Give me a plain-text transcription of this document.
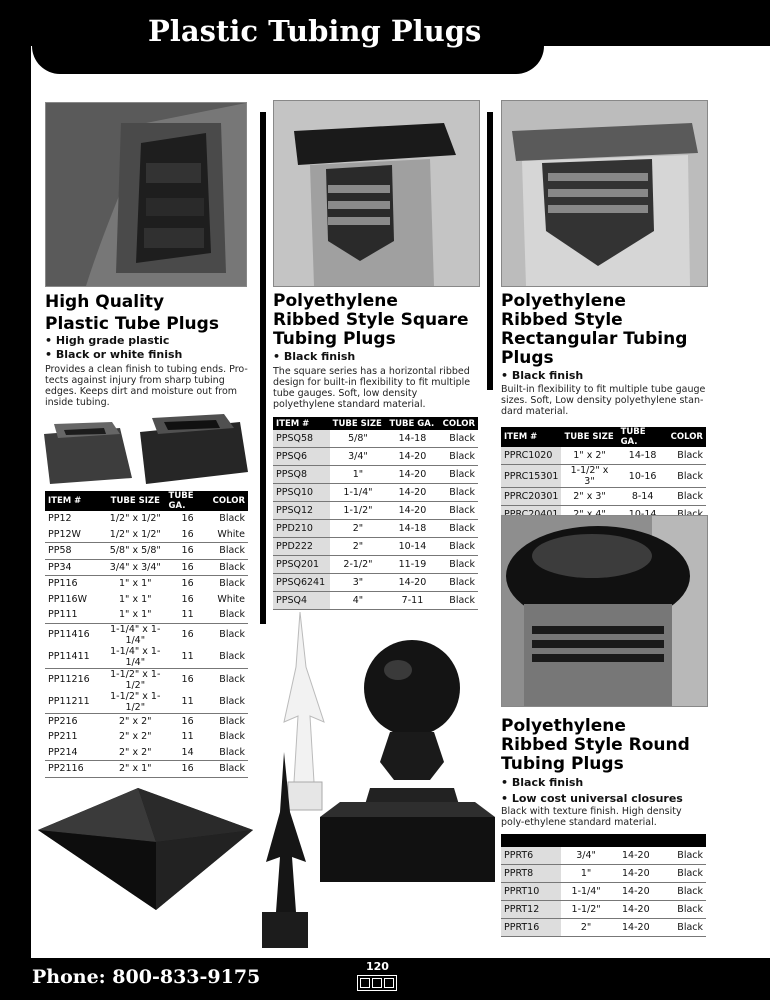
Plastic Tubing Plugs
High Quality
Plastic Tube Plugs
• High grade plastic
• Black or white finish
Provides a clean finish to tubing ends. Pro-tects against injury from sharp tubing edges. Keeps dirt and moisture out from inside tubing.
ITEM #	TUBE SIZE	TUBE GA.	COLOR
PP12	1/2" x 1/2"	16	Black
PP12W	1/2" x 1/2"	16	White
PP58	5/8" x 5/8"	16	Black
PP34	3/4" x 3/4"	16	Black
PP116	1" x 1"	16	Black
PP116W	1" x 1"	16	White
PP111	1" x 1"	11	Black
PP11416	1-1/4" x 1-1/4"	16	Black
PP11411	1-1/4" x 1-1/4"	11	Black
PP11216	1-1/2" x 1-1/2"	16	Black
PP11211	1-1/2" x 1-1/2"	11	Black
PP216	2" x 2"	16	Black
PP211	2" x 2"	11	Black
PP214	2" x 2"	14	Black
PP2116	2" x 1"	16	Black
Polyethylene
Ribbed Style Square
Tubing Plugs
• Black finish
The square series has a horizontal ribbed design for built-in flexibility to fit multiple tube gauges. Soft, low density polyethylene standard material.
ITEM #	TUBE SIZE	TUBE GA.	COLOR
PPSQ58	5/8"	14-18	Black
PPSQ6	3/4"	14-20	Black
PPSQ8	1"	14-20	Black
PPSQ10	1-1/4"	14-20	Black
PPSQ12	1-1/2"	14-20	Black
PPD210	2"	14-18	Black
PPD222	2"	10-14	Black
PPSQ201	2-1/2"	11-19	Black
PPSQ6241	3"	14-20	Black
PPSQ4	4"	7-11	Black
Polyethylene
Ribbed Style
Rectangular Tubing
Plugs
• Black finish
Built-in flexibility to fit multiple tube gauge sizes. Soft, Low density polyethylene stan-dard material.
ITEM #	TUBE SIZE	TUBE GA.	COLOR
PPRC1020	1" x 2"	14-18	Black
PPRC15301	1-1/2" x 3"	10-16	Black
PPRC20301	2" x 3"	8-14	Black

Polyethylene
Ribbed Style Round
Tubing Plugs
• Black finish
• Low cost universal closures
Black with texture finish. High density poly-ethylene standard material.

PPRT6	3/4"	14-20	Black
PPRT8	1"	14-20	Black
PPRT10	1-1/4"	14-20	Black
PPRT12	1-1/2"	14-20	Black
PPRT16	2"	14-20	Black
Phone: 800-833-9175	120
